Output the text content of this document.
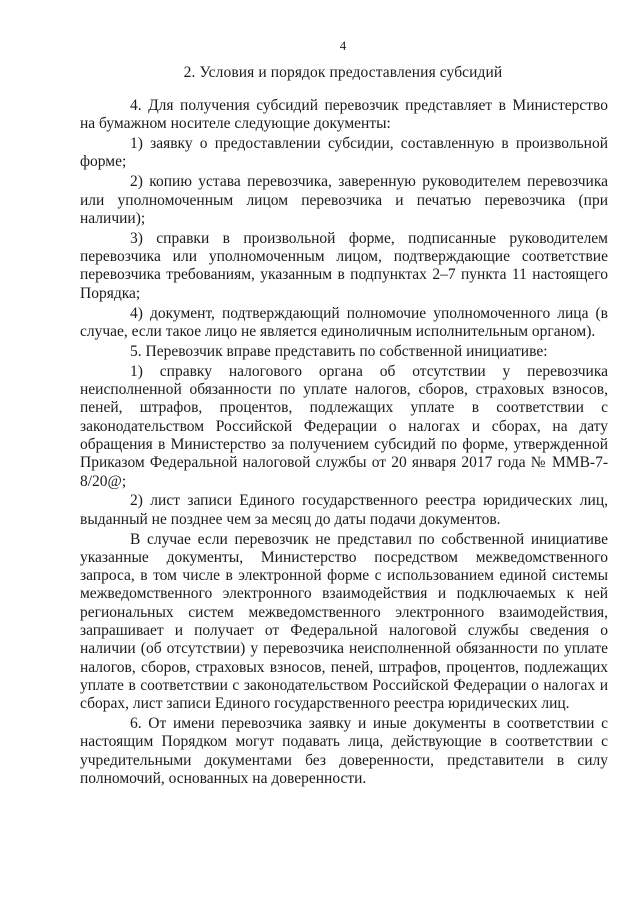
4
2. Условия и порядок предоставления субсидий

4. Для получения субсидий перевозчик представляет в Министерство на бумажном носителе следующие документы:

1) заявку о предоставлении субсидии, составленную в произвольной форме;

2) копию устава перевозчика, заверенную руководителем перевозчика или уполномоченным лицом перевозчика и печатью перевозчика (при наличии);

3) справки в произвольной форме, подписанные руководителем перевозчика или уполномоченным лицом, подтверждающие соответствие перевозчика требованиям, указанным в подпунктах 2–7 пункта 11 настоящего Порядка;

4) документ, подтверждающий полномочие уполномоченного лица (в случае, если такое лицо не является единоличным исполнительным органом).

5. Перевозчик вправе представить по собственной инициативе:

1) справку налогового органа об отсутствии у перевозчика неисполненной обязанности по уплате налогов, сборов, страховых взносов, пеней, штрафов, процентов, подлежащих уплате в соответствии с законодательством Российской Федерации о налогах и сборах, на дату обращения в Министерство за получением субсидий по форме, утвержденной Приказом Федеральной налоговой службы от 20 января 2017 года № ММВ-7-8/20@;

2) лист записи Единого государственного реестра юридических лиц, выданный не позднее чем за месяц до даты подачи документов.

В случае если перевозчик не представил по собственной инициативе указанные документы, Министерство посредством межведомственного запроса, в том числе в электронной форме с использованием единой системы межведомственного электронного взаимодействия и подключаемых к ней региональных систем межведомственного электронного взаимодействия, запрашивает и получает от Федеральной налоговой службы сведения о наличии (об отсутствии) у перевозчика неисполненной обязанности по уплате налогов, сборов, страховых взносов, пеней, штрафов, процентов, подлежащих уплате в соответствии с законодательством Российской Федерации о налогах и сборах, лист записи Единого государственного реестра юридических лиц.

6. От имени перевозчика заявку и иные документы в соответствии с настоящим Порядком могут подавать лица, действующие в соответствии с учредительными документами без доверенности, представители в силу полномочий, основанных на доверенности.
